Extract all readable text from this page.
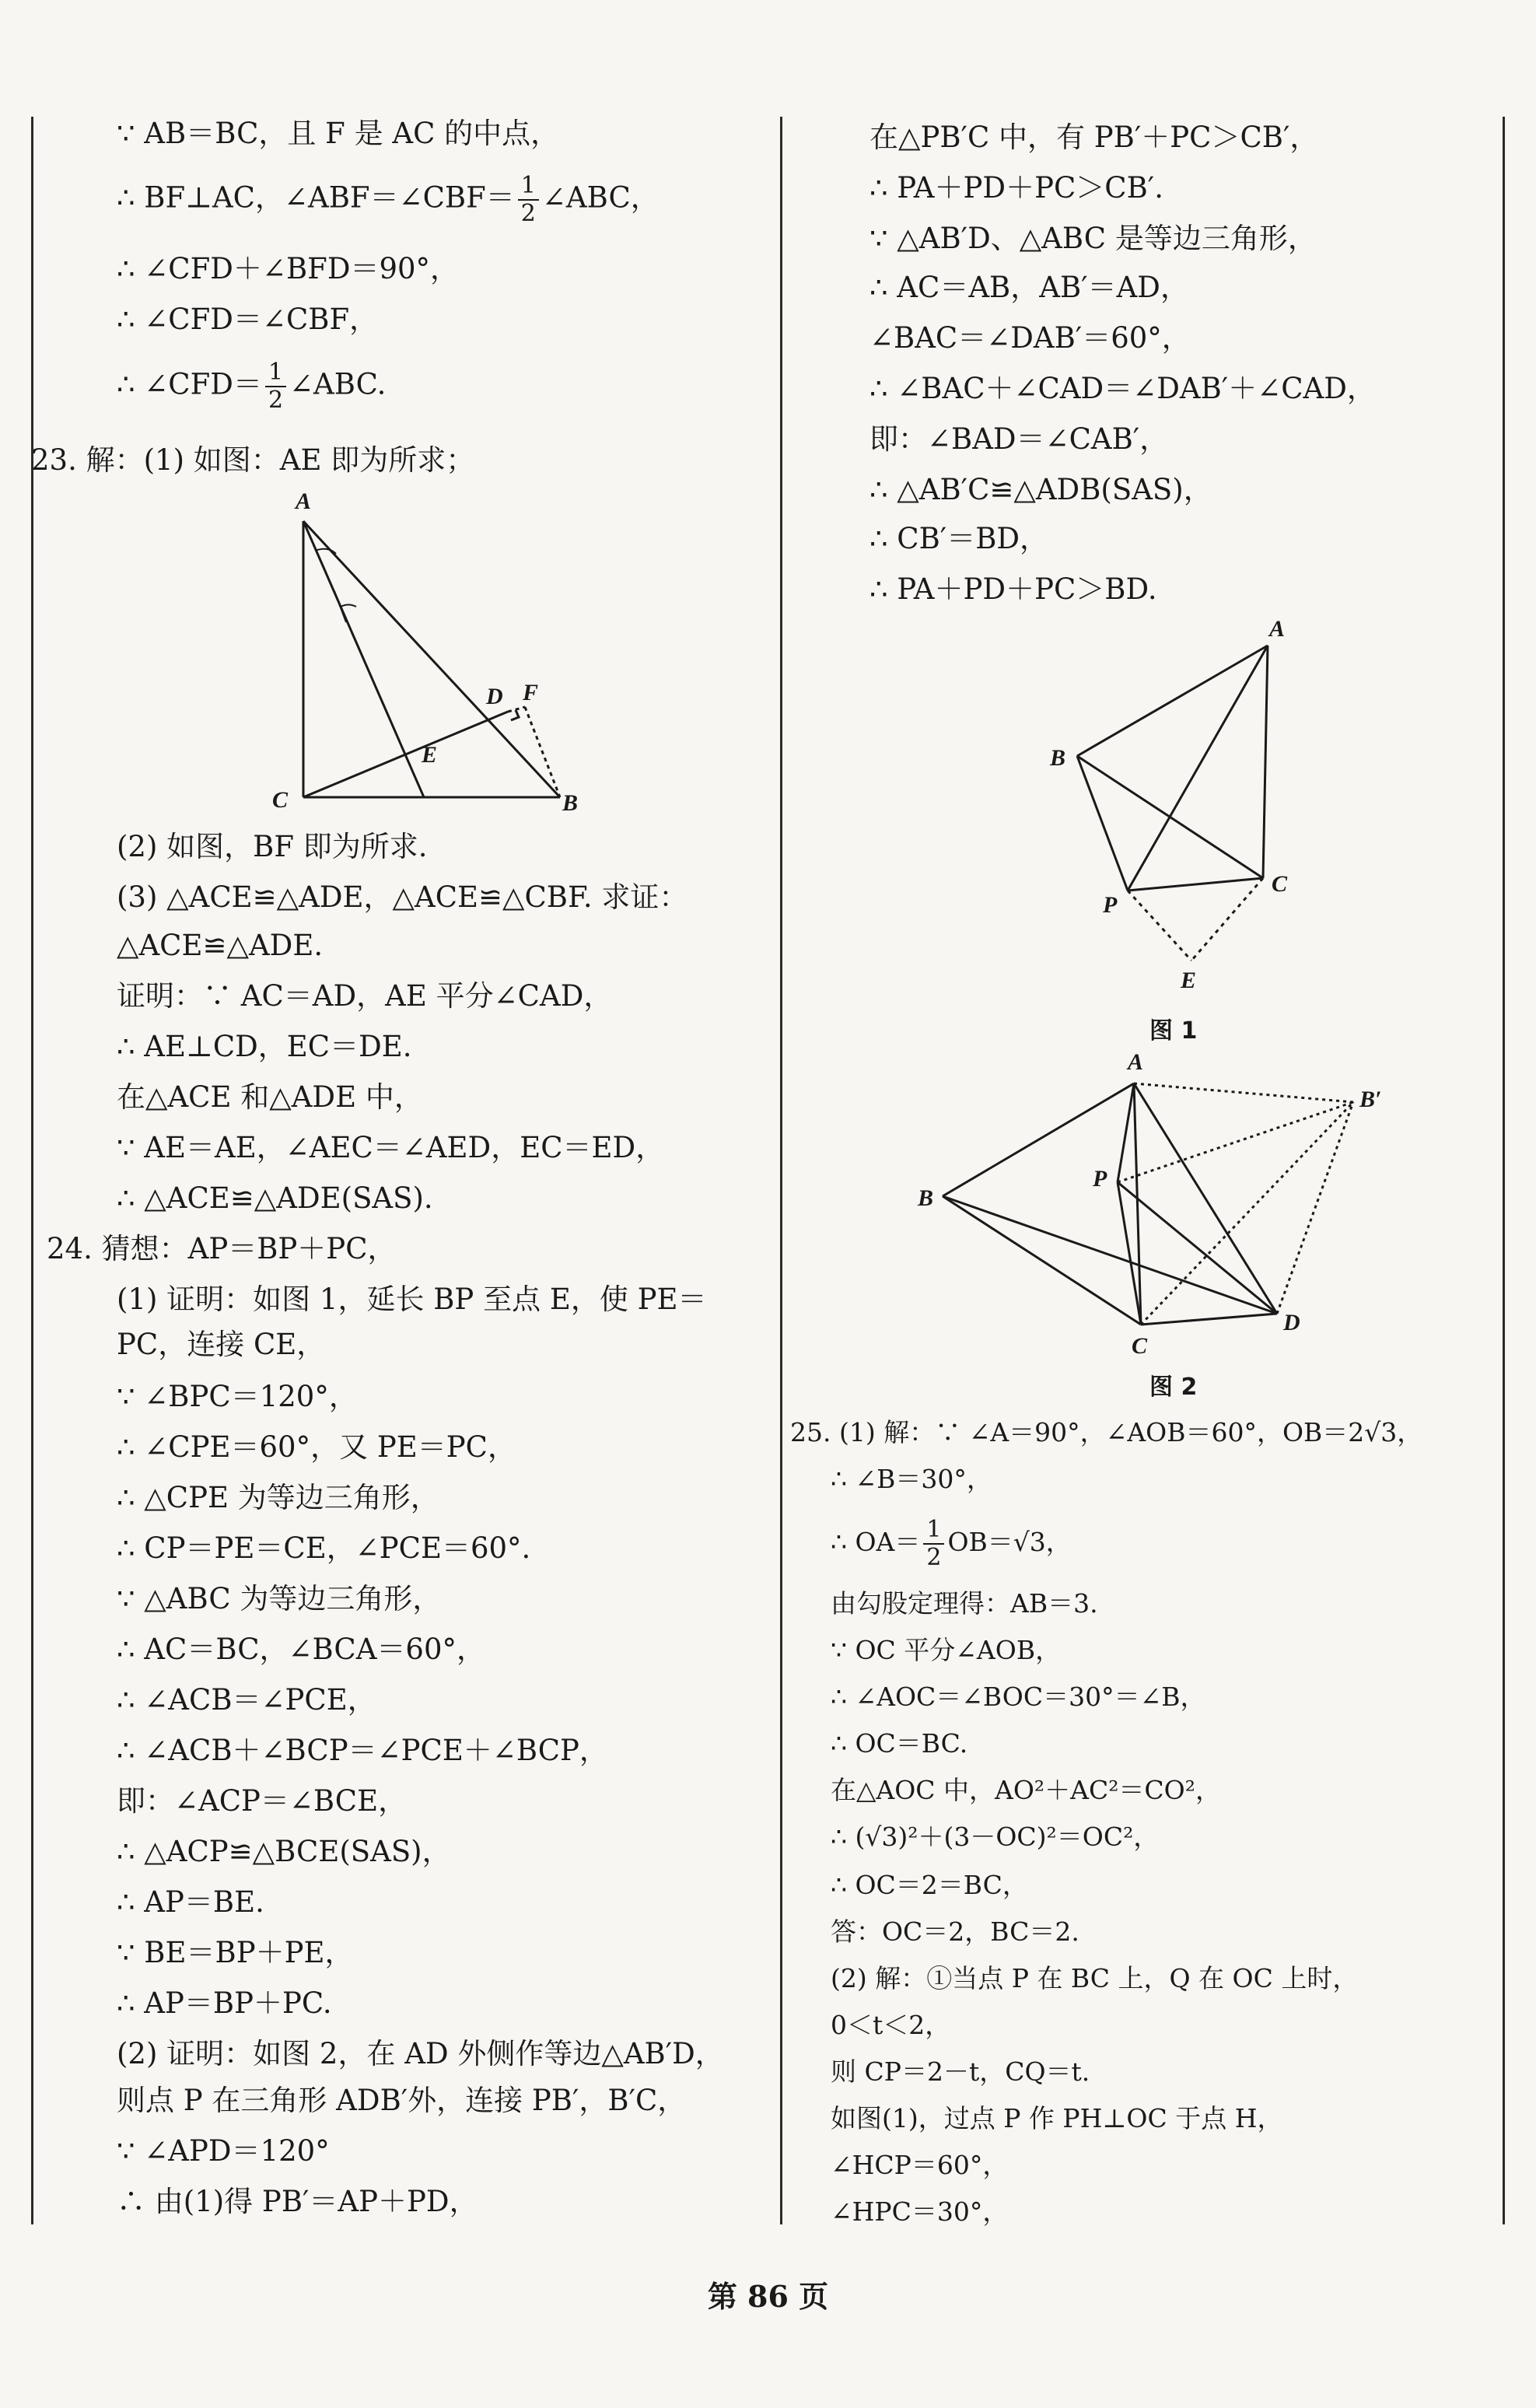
∵ AB＝BC，且 F 是 AC 的中点，
∴ BF⊥AC，∠ABF＝∠CBF＝ $\frac{1}{2}$ ∠ABC，
∴ ∠CFD＋∠BFD＝90°，
∴ ∠CFD＝∠CBF，
∴ ∠CFD＝ $\frac{1}{2}$ ∠ABC.
23. 解：(1) 如图：AE 即为所求；
A
C	B
D F
E
(2) 如图，BF 即为所求.
(3) △ACE≌△ADE，△ACE≌△CBF. 求证：
△ACE≌△ADE.
证明：∵ AC＝AD，AE 平分∠CAD，
∴ AE⊥CD，EC＝DE.
在△ACE 和△ADE 中，
∵ AE＝AE，∠AEC＝∠AED，EC＝ED，
∴ △ACE≌△ADE(SAS).
24. 猜想：AP＝BP＋PC，
(1) 证明：如图 1，延长 BP 至点 E，使 PE＝
PC，连接 CE，
∵ ∠BPC＝120°，
∴ ∠CPE＝60°，又 PE＝PC，
∴ △CPE 为等边三角形，
∴ CP＝PE＝CE，∠PCE＝60°.
∵ △ABC 为等边三角形，
∴ AC＝BC，∠BCA＝60°，
∴ ∠ACB＝∠PCE，
∴ ∠ACB＋∠BCP＝∠PCE＋∠BCP，
即：∠ACP＝∠BCE，
∴ △ACP≌△BCE(SAS)，
∴ AP＝BE.
∵ BE＝BP＋PE，
∴ AP＝BP＋PC.
(2) 证明：如图 2，在 AD 外侧作等边△AB′D，
则点 P 在三角形 ADB′外，连接 PB′，B′C，
∵ ∠APD＝120°
∴ 由(1)得 PB′＝AP＋PD，
在△PB′C 中，有 PB′＋PC＞CB′，
∴ PA＋PD＋PC＞CB′.
∵ △AB′D、△ABC 是等边三角形，
∴ AC＝AB，AB′＝AD，
∠BAC＝∠DAB′＝60°，
∴ ∠BAC＋∠CAD＝∠DAB′＋∠CAD，
即：∠BAD＝∠CAB′，
∴ △AB′C≌△ADB(SAS)，
∴ CB′＝BD，
∴ PA＋PD＋PC＞BD.
A
B
C
P
E
图 1
A
B′
B
P
C
D
图 2
25. (1) 解：∵ ∠A＝90°，∠AOB＝60°，OB＝2√3，
∴ ∠B＝30°，
∴ $OA= \frac{1}{2} OB=√3$，
由勾股定理得：AB＝3.
∵ OC 平分∠AOB，
∴ ∠AOC＝∠BOC＝30°＝∠B，
∴ OC＝BC.
在△AOC 中，AO²＋AC²＝CO²，
∴ (√3)²＋(3－OC)²＝OC²，
∴ OC＝2＝BC，
答：OC＝2，BC＝2.
(2) 解：①当点 P 在 BC 上，Q 在 OC 上时，
0＜t＜2，
则 CP＝2－t，CQ＝t.
如图(1)，过点 P 作 PH⊥OC 于点 H，
∠HCP＝60°，
∠HPC＝30°，
第 86 页
